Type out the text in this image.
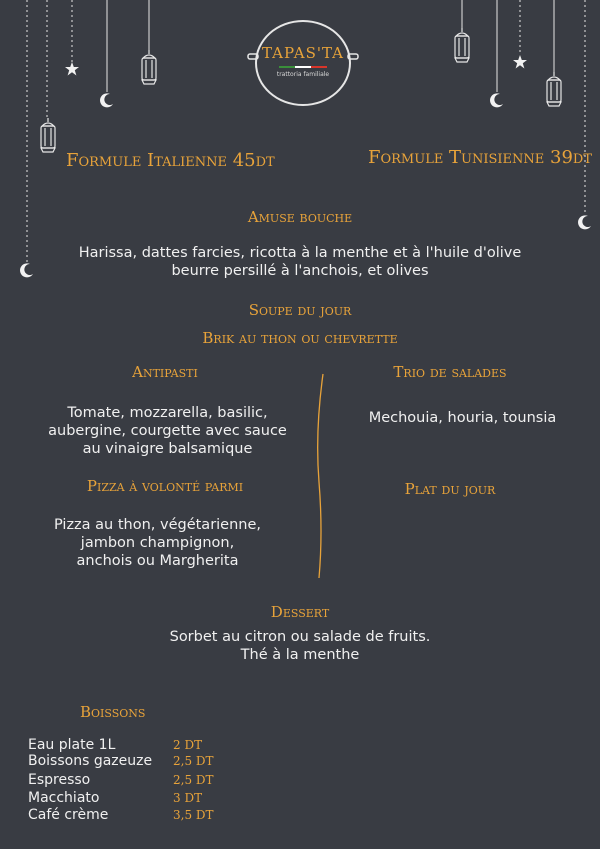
TAPAS'TA
trattoria familiale
Formule Italienne 45dt	Formule Tunisienne 39dt
Amuse bouche
Harissa, dattes farcies, ricotta à la menthe et à l'huile d'olive
beurre persillé à l'anchois, et olives
Soupe du jour
Brik au thon ou chevrette
Antipasti
Tomate, mozzarella, basilic,
aubergine, courgette avec sauce
au vinaigre balsamique
Trio de salades
Mechouia, houria, tounsia
Pizza à volonté parmi
Pizza au thon, végétarienne,
jambon champignon,
anchois ou Margherita
Plat du jour
Dessert
Sorbet au citron ou salade de fruits.
Thé à la menthe
Boissons
Eau plate 1L	2 DT
Boissons gazeuze 2,5 DT
Espresso	2,5 DT
Macchiato	3 DT
Café crème	3,5 DT
